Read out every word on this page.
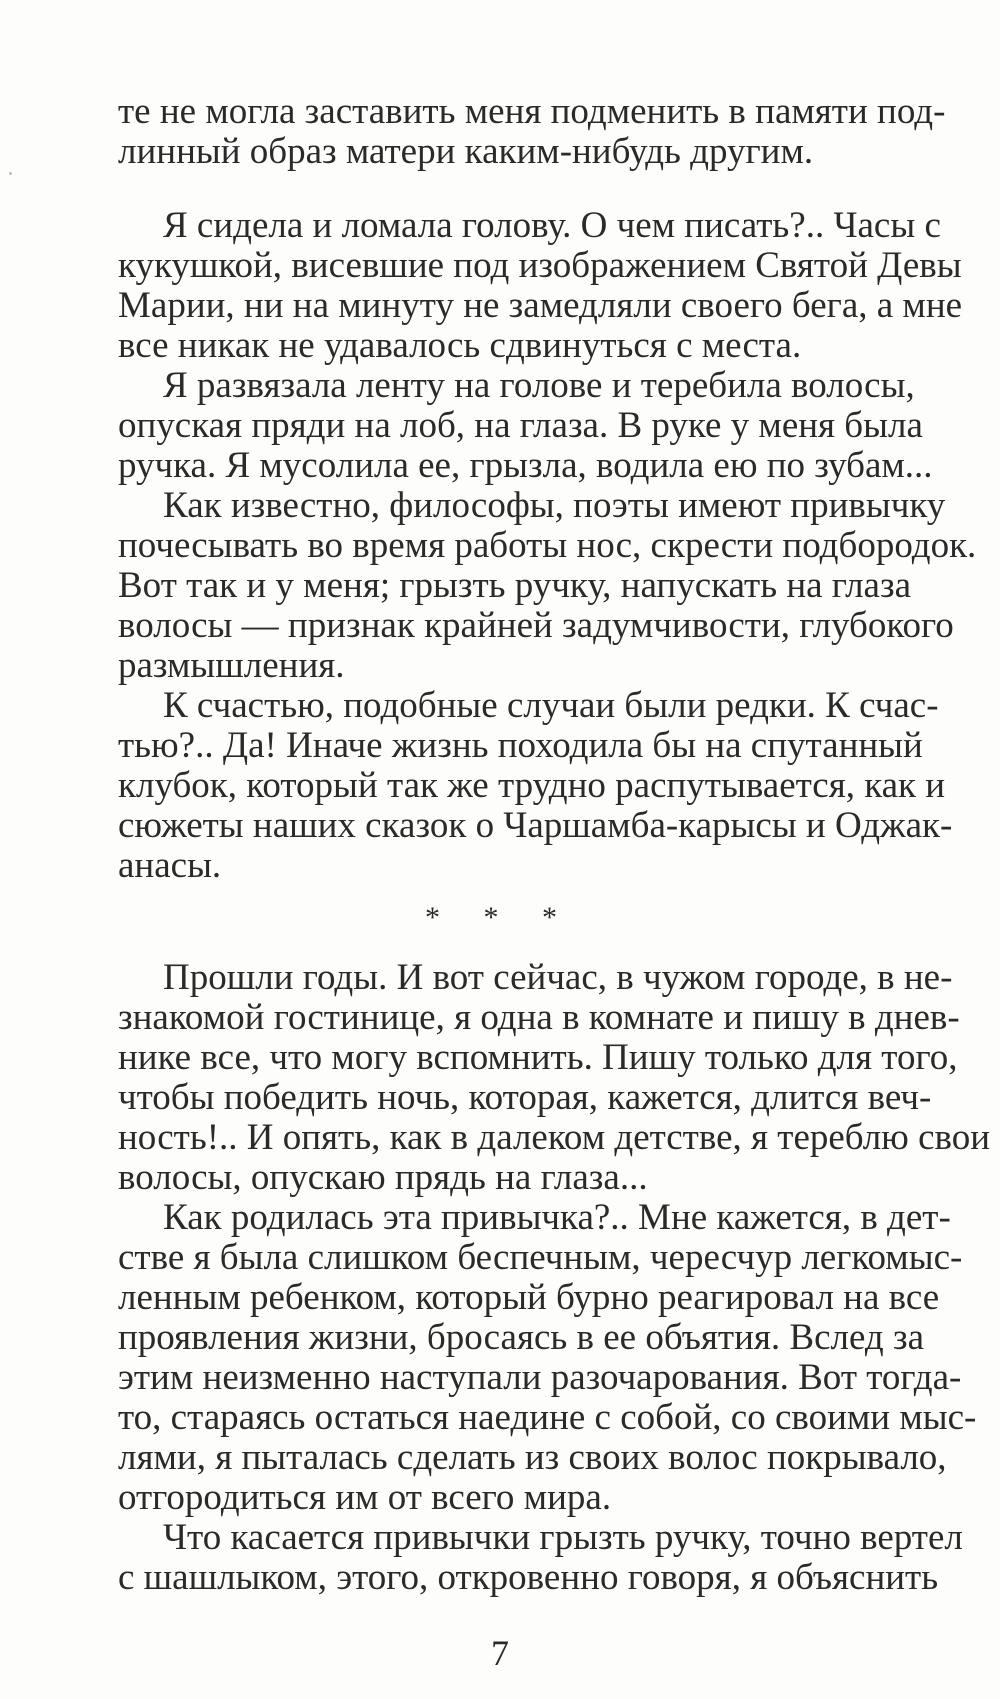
те не могла заставить меня подменить в памяти под-
линный образ матери каким-нибудь другим.
Я сидела и ломала голову. О чем писать?.. Часы с
кукушкой, висевшие под изображением Святой Девы
Марии, ни на минуту не замедляли своего бега, а мне
все никак не удавалось сдвинуться с места.
Я развязала ленту на голове и теребила волосы,
опуская пряди на лоб, на глаза. В руке у меня была
ручка. Я мусолила ее, грызла, водила ею по зубам...
Как известно, философы, поэты имеют привычку
почесывать во время работы нос, скрести подбородок.
Вот так и у меня; грызть ручку, напускать на глаза
волосы — признак крайней задумчивости, глубокого
размышления.
К счастью, подобные случаи были редки. К счас-
тью?.. Да! Иначе жизнь походила бы на спутанный
клубок, который так же трудно распутывается, как и
сюжеты наших сказок о Чаршамба-карысы и Оджак-
анасы.
* * *
Прошли годы. И вот сейчас, в чужом городе, в не-
знакомой гостинице, я одна в комнате и пишу в днев-
нике все, что могу вспомнить. Пишу только для того,
чтобы победить ночь, которая, кажется, длится веч-
ность!.. И опять, как в далеком детстве, я тереблю свои
волосы, опускаю прядь на глаза...
Как родилась эта привычка?.. Мне кажется, в дет-
стве я была слишком беспечным, чересчур легкомыс-
ленным ребенком, который бурно реагировал на все
проявления жизни, бросаясь в ее объятия. Вслед за
этим неизменно наступали разочарования. Вот тогда-
то, стараясь остаться наедине с собой, со своими мыс-
лями, я пыталась сделать из своих волос покрывало,
отгородиться им от всего мира.
Что касается привычки грызть ручку, точно вертел
с шашлыком, этого, откровенно говоря, я объяснить
7
